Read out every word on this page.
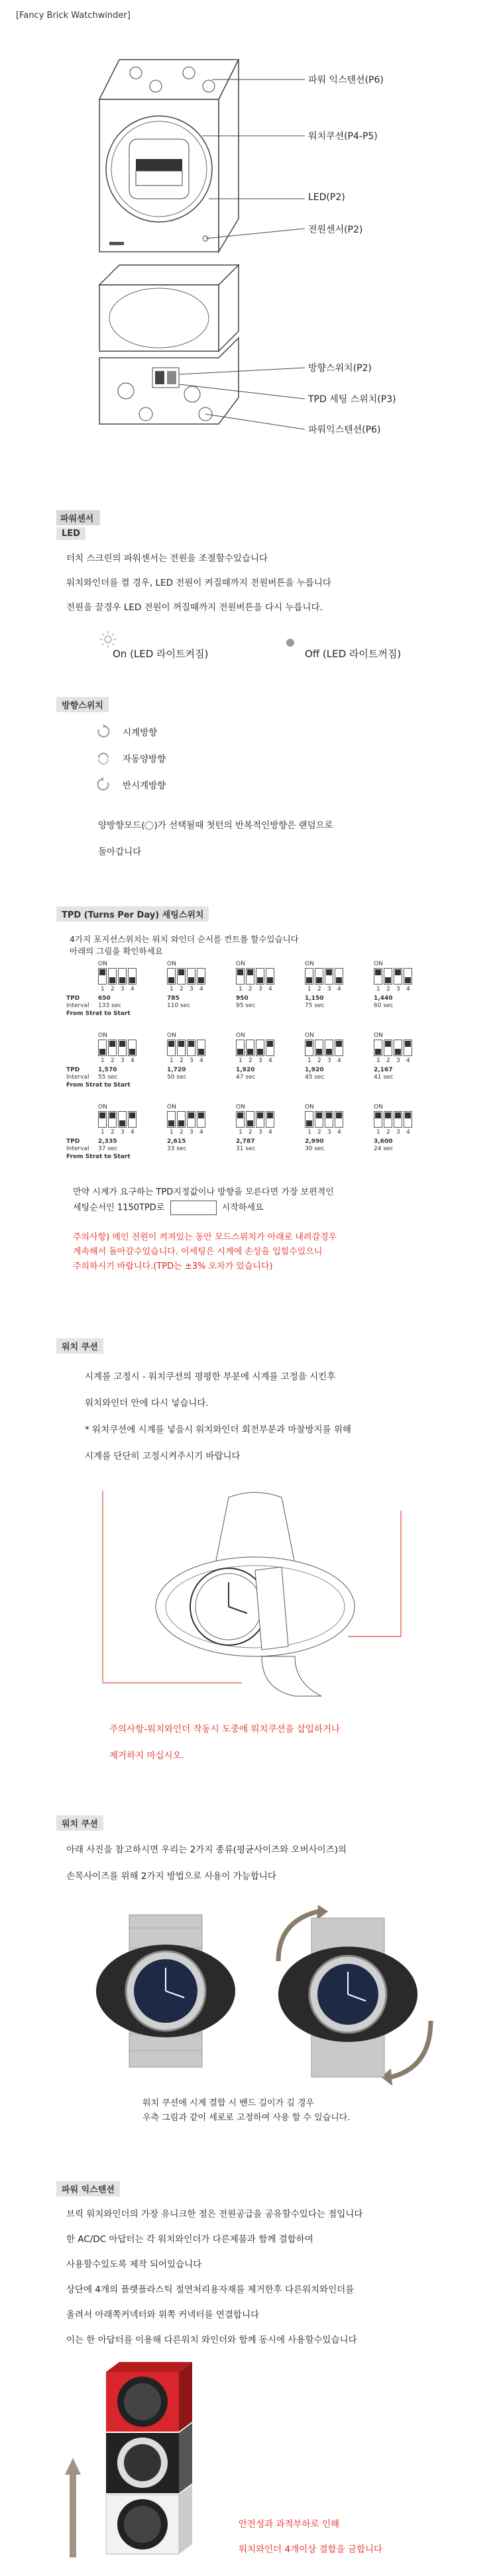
[Fancy Brick Watchwinder]
WOLF
파워 익스텐션(P6)
워치쿠션(P4-P5)
LED(P2)
전원센서(P2)
방향스위치(P2)
TPD 세팅 스위치(P3)
파워익스텐션(P6)
파워센서
LED
터치 스크린의 파워센서는 전원을 조절할수있습니다
워치와인더를 켤 경우, LED 전원이 켜질때까지 전원버튼을 누릅니다
전원을 끌경우 LED 전원이 꺼질때까지 전원버튼을 다시 누릅니다.
On (LED 라이트켜짐)	Off (LED 라이트꺼짐)
방향스위치
시계방향
자동양방향
반시계방향
양방향모드( )가 선택될때 첫턴의 반복적인방향은 랜덤으로
돌아갑니다
TPD (Turns Per Day) 세팅스위치
4가지 포지션스위치는 워치 와인더 순서를 컨트롤 할수있습니다
아래의 그림을 확인하세요
TPD
Interval
From Strat to Start
ON
1 2 3 4
650
133 sec
ON
1 2 3 4
785
110 sec
ON
1 2 3 4
950
95 sec
ON
1 2 3 4
1,150
75 sec
ON
1 2 3 4
1,440
60 sec
TPD
Interval
From Strat to Start
ON
1 2 3 4
1,570
55 sec
ON
1 2 3 4
1,720
50 sec
ON
1 2 3 4
1,920
47 sec
ON
1 2 3 4
1,920
45 sec
ON
1 2 3 4
2,167
41 sec
TPD
Interval
From Strat to Start
ON
1 2 3 4
2,335
37 sec
ON
1 2 3 4
2,615
33 sec
ON
1 2 3 4
2,787
31 sec
ON
1 2 3 4
2,990
30 sec
ON
1 2 3 4
3,600
24 sec
만약 시계가 요구하는 TPD지정값이나 방향을 모른다면 가장 보편적인
세팅순서인 1150TPD로	시작하세요
주의사항) 메인 전원이 켜져있는 동안 모드스위치가 아래로 내려갈경우
계속해서 돌아갈수있습니다. 이세팅은 시계에 손상을 입힐수있으니
주의하시기 바랍니다.(TPD는 ±3% 오차가 있습니다)
워치 쿠션
시계를 고정시 - 워치쿠션의 평평한 부분에 시계를 고정을 시킨후
워치와인더 안에 다시 넣습니다.
* 워치쿠션에 시계를 넣을시 워치와인더 회전부분과 마찰방지를 위해
시계를 단단히 고정시켜주시기 바랍니다
주의사항-워치와인더 작동시 도중에 워치쿠션을 삽입하거나
제거하지 마십시오.
워치 쿠션
아래 사진을 참고하시면 우리는 2가지 종류(평균사이즈와 오버사이즈)의
손목사이즈를 위해 2가지 방법으로 사용이 가능합니다
워치 쿠션에 시계 결합 시 밴드 길이가 길 경우
우측 그림과 같이 세로로 고정하여 사용 할 수 있습니다.
파워 익스텐션
브릭 워치와인더의 가장 유니크한 점은 전원공급을 공유할수있다는 점입니다
한 AC/DC 아답터는 각 워치와인더가 다른제품과 함께 결합하여
사용할수있도록 제작 되어있습니다
상단에 4개의 플랫플라스틱 절연처리용자재를 제거한후 다른워치와인더를
올려서 아래쪽커넥터와 위쪽 커넥터를 연결합니다
이는 한 아답터를 이용해 다른워치 와인더와 함께 동시에 사용할수있습니다
안전성과 과적부하로 인해
워치와인더 4개이상 결합을 금합니다
